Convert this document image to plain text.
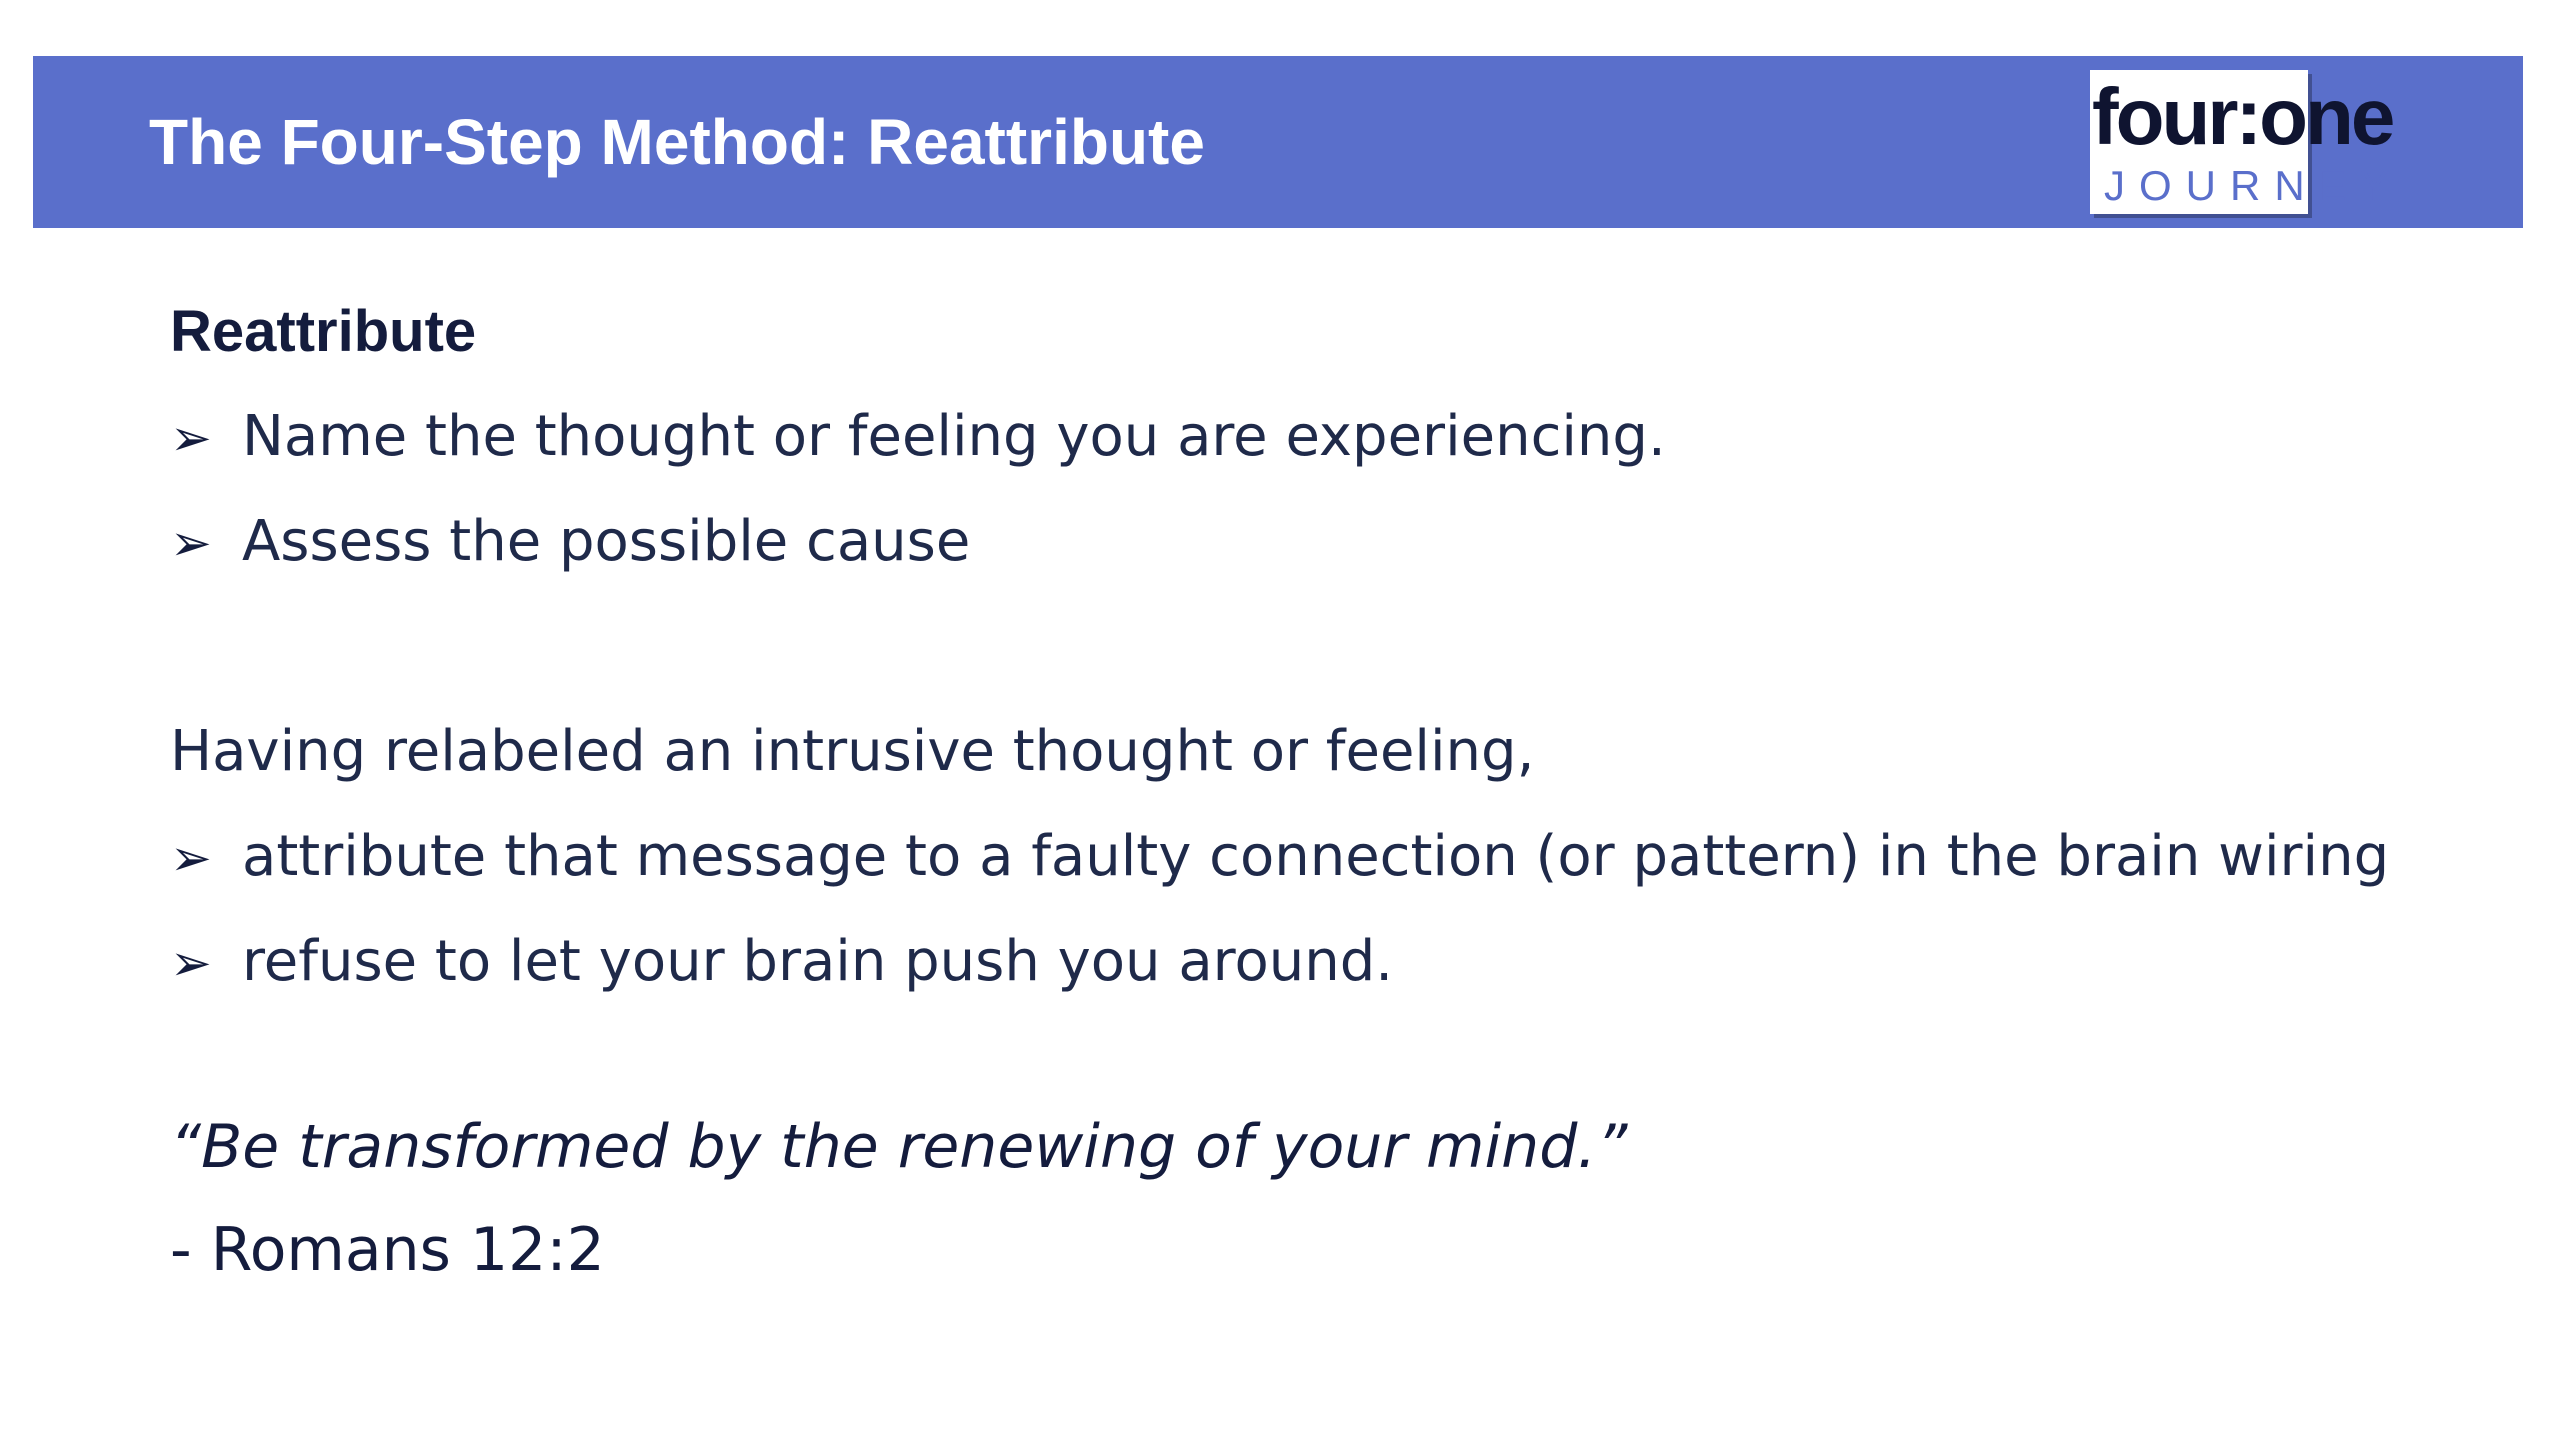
The Four-Step Method: Reattribute	four:one
JOURNEY
Reattribute
➢ Name the thought or feeling you are experiencing.
➢ Assess the possible cause
Having relabeled an intrusive thought or feeling,
➢ attribute that message to a faulty connection (or pattern) in the brain wiring
➢ refuse to let your brain push you around.
“Be transformed by the renewing of your mind.”
- Romans 12:2
